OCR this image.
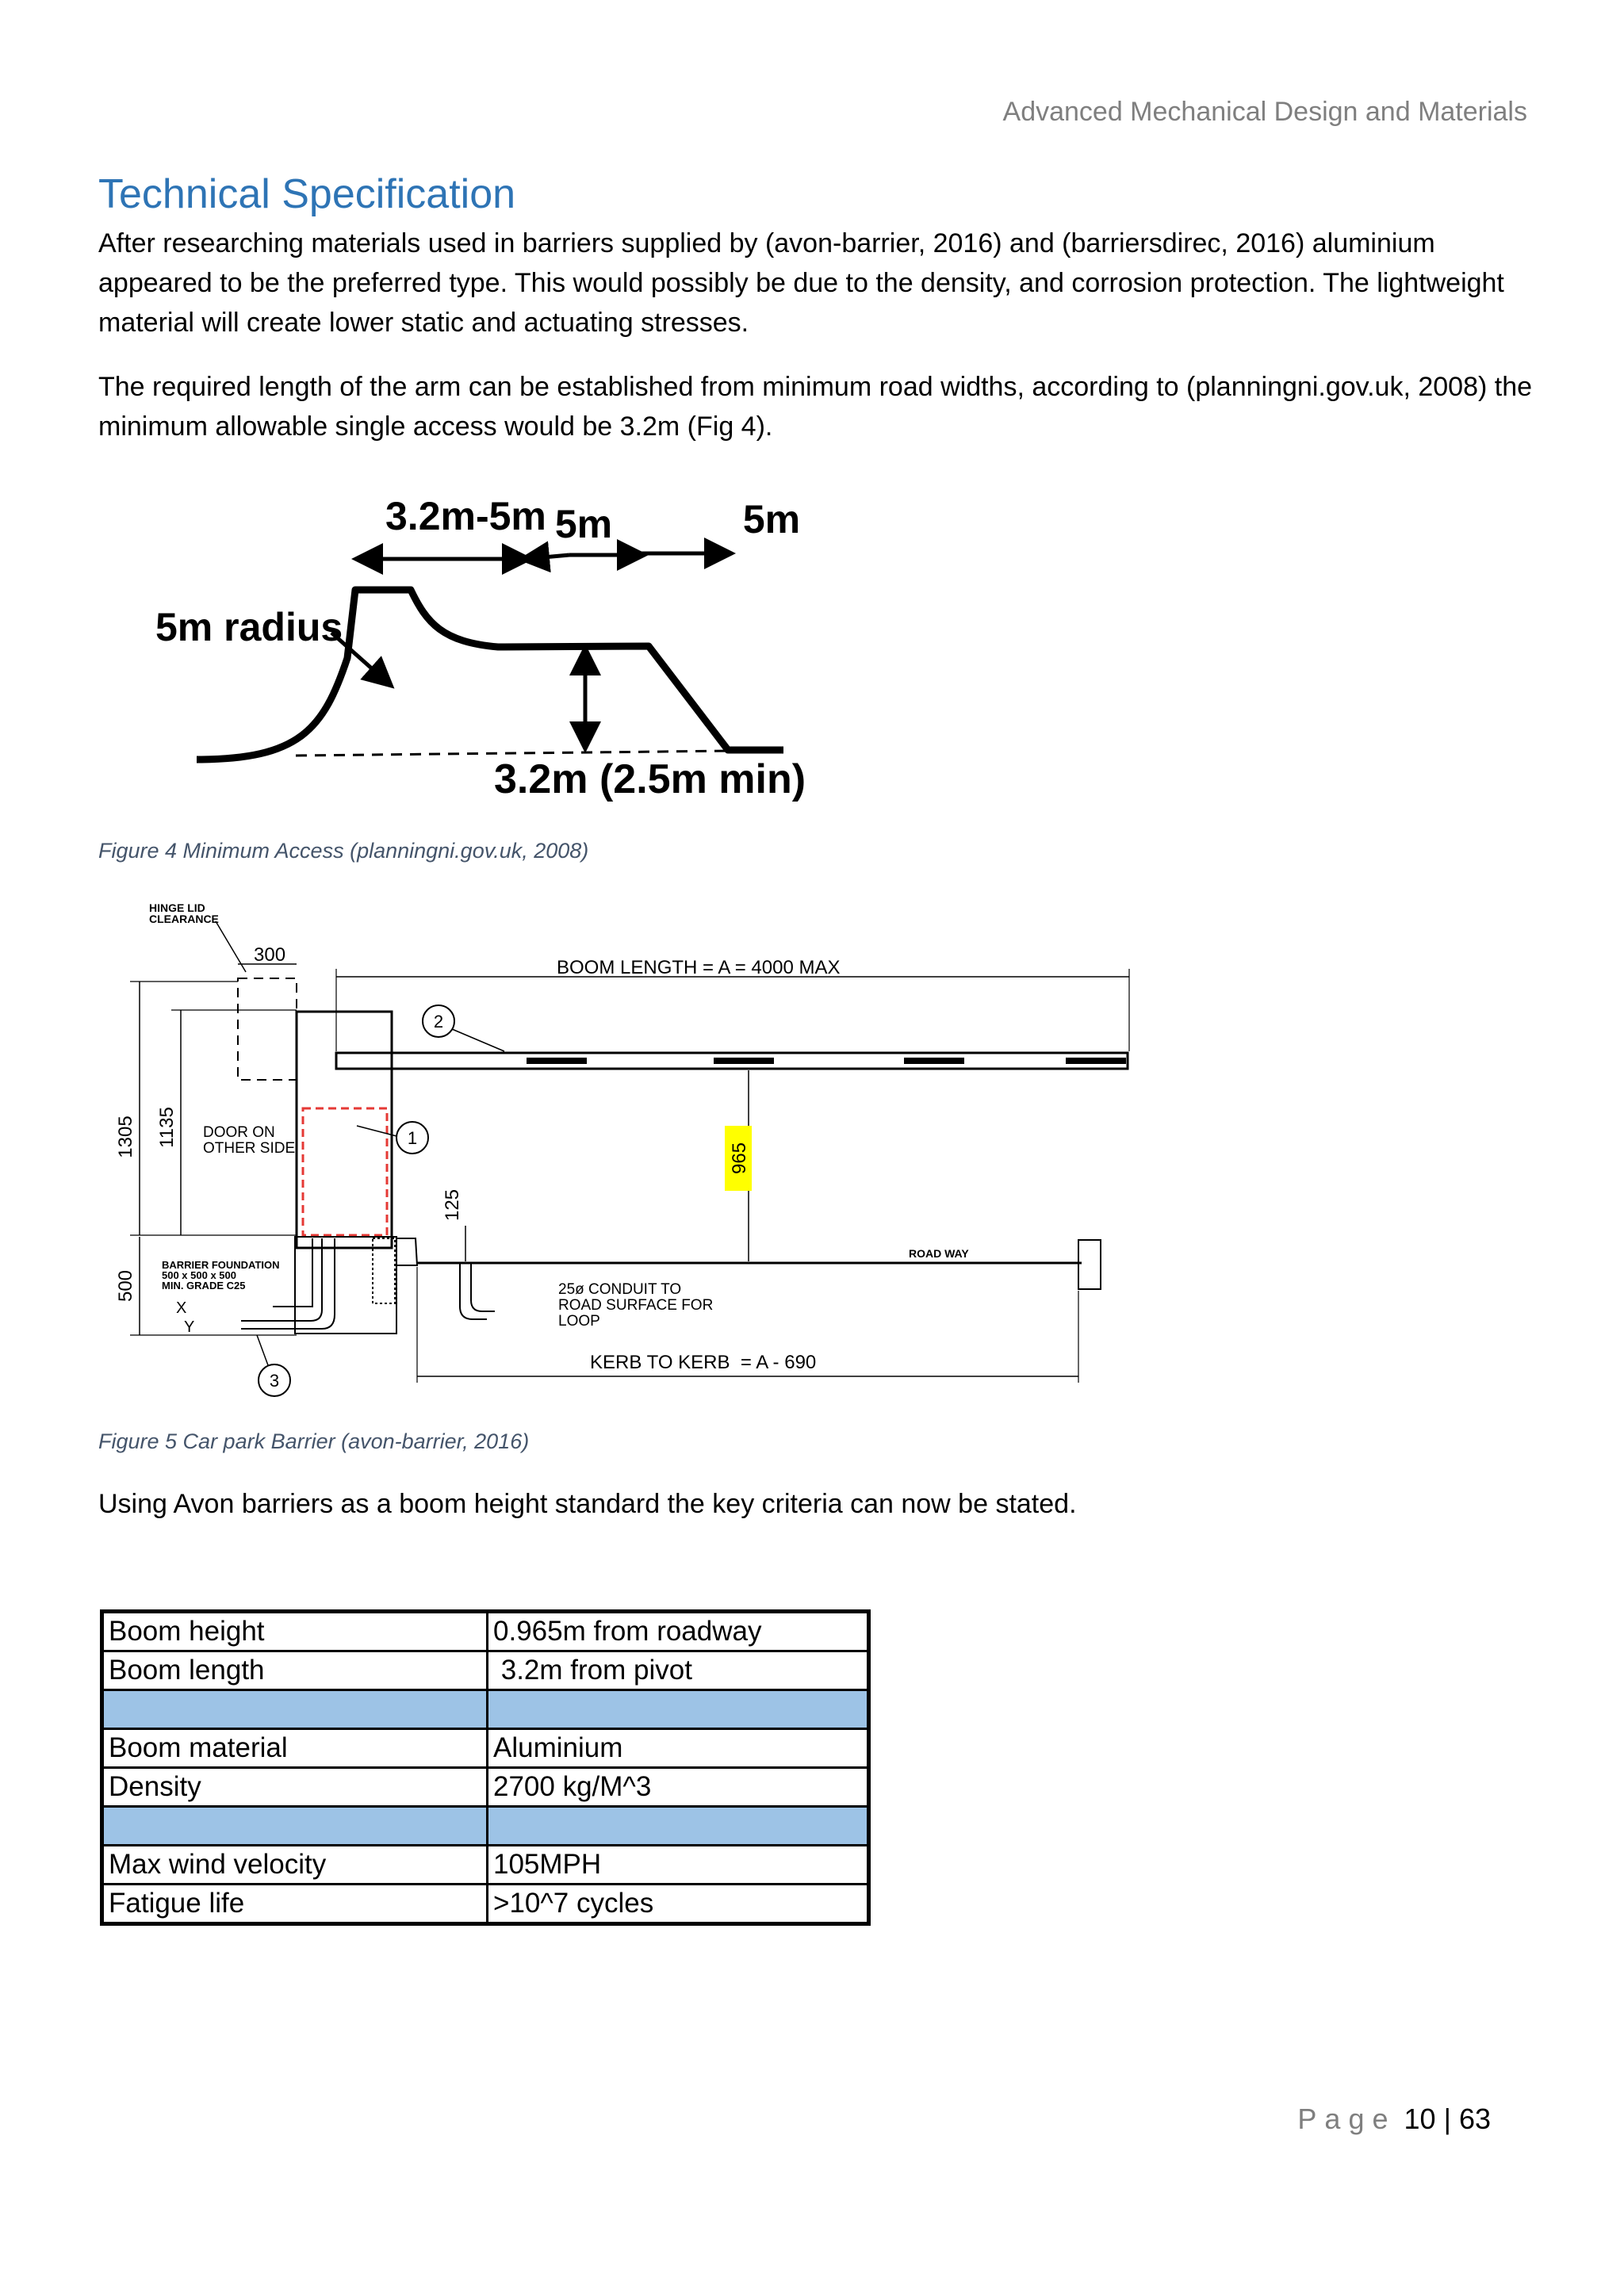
Advanced Mechanical Design and Materials
Technical Specification

After researching materials used in barriers supplied by (avon-barrier, 2016) and (barriersdirec, 2016) aluminium appeared to be the preferred type. This would possibly be due to the density, and corrosion protection. The lightweight material will create lower static and actuating stresses.

The required length of the arm can be established from minimum road widths, according to (planningni.gov.uk, 2008) the minimum allowable single access would be 3.2m (Fig 4).

3.2m-5m 5m	5m
5m radius
3.2m (2.5m min)
Figure 4 Minimum Access (planningni.gov.uk, 2008)
HINGE LID
CLEARANCE
300
BOOM LENGTH = A = 4000 MAX
1305 1135 DOOR ON
OTHER SIDE
125
965
500
BARRIER FOUNDATION
500 x 500 x 500
MIN. GRADE C25
X
Y
ROAD WAY
25ø CONDUIT TO
ROAD SURFACE FOR
LOOP
KERB TO KERB  = A - 690
1
2
3
Figure 5 Car park Barrier (avon-barrier, 2016)

Using Avon barriers as a boom height standard the key criteria can now be stated.

Boom height	0.965m from roadway
Boom length	3.2m from pivot

Boom material	Aluminium
Density	2700 kg/M^3

Max wind velocity	105MPH
Fatigue life	>10^7 cycles
Page 10 | 63
